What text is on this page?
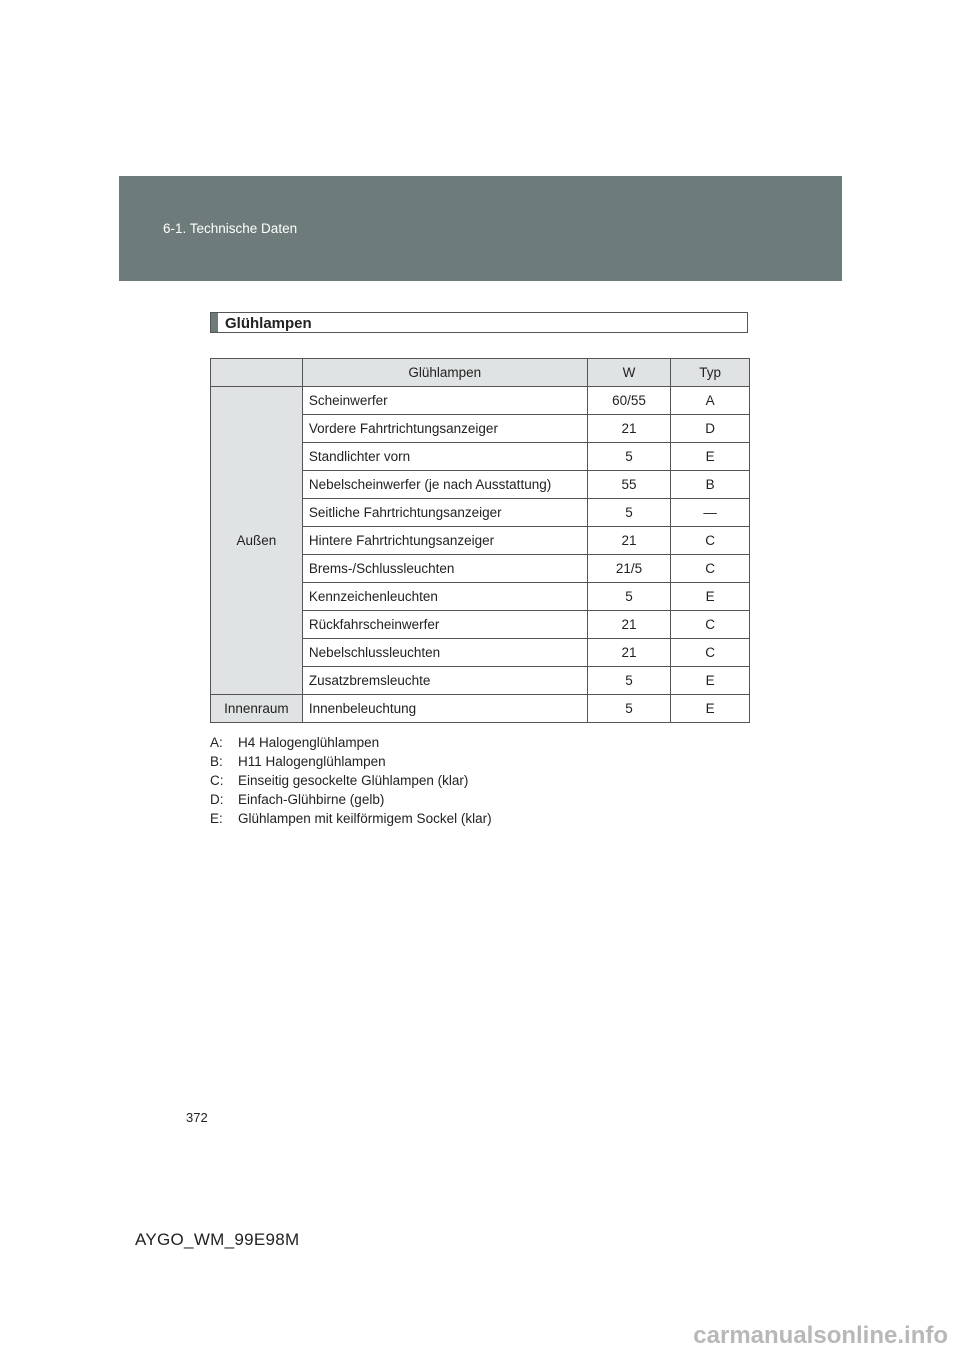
6-1. Technische Daten
Glühlampen
	Glühlampen	W	Typ
Außen	Scheinwerfer	60/55	A
	Vordere Fahrtrichtungsanzeiger	21	D
	Standlichter vorn	5	E
	Nebelscheinwerfer (je nach Ausstattung)	55	B
	Seitliche Fahrtrichtungsanzeiger	5	—
	Hintere Fahrtrichtungsanzeiger	21	C
	Brems-/Schlussleuchten	21/5	C
	Kennzeichenleuchten	5	E
	Rückfahrscheinwerfer	21	C
	Nebelschlussleuchten	21	C
	Zusatzbremsleuchte	5	E
Innenraum	Innenbeleuchtung	5	E
A:	H4 Halogenglühlampen
B:	H11 Halogenglühlampen
C:	Einseitig gesockelte Glühlampen (klar)
D:	Einfach-Glühbirne (gelb)
E:	Glühlampen mit keilförmigem Sockel (klar)
372
AYGO_WM_99E98M
carmanualsonline.info
